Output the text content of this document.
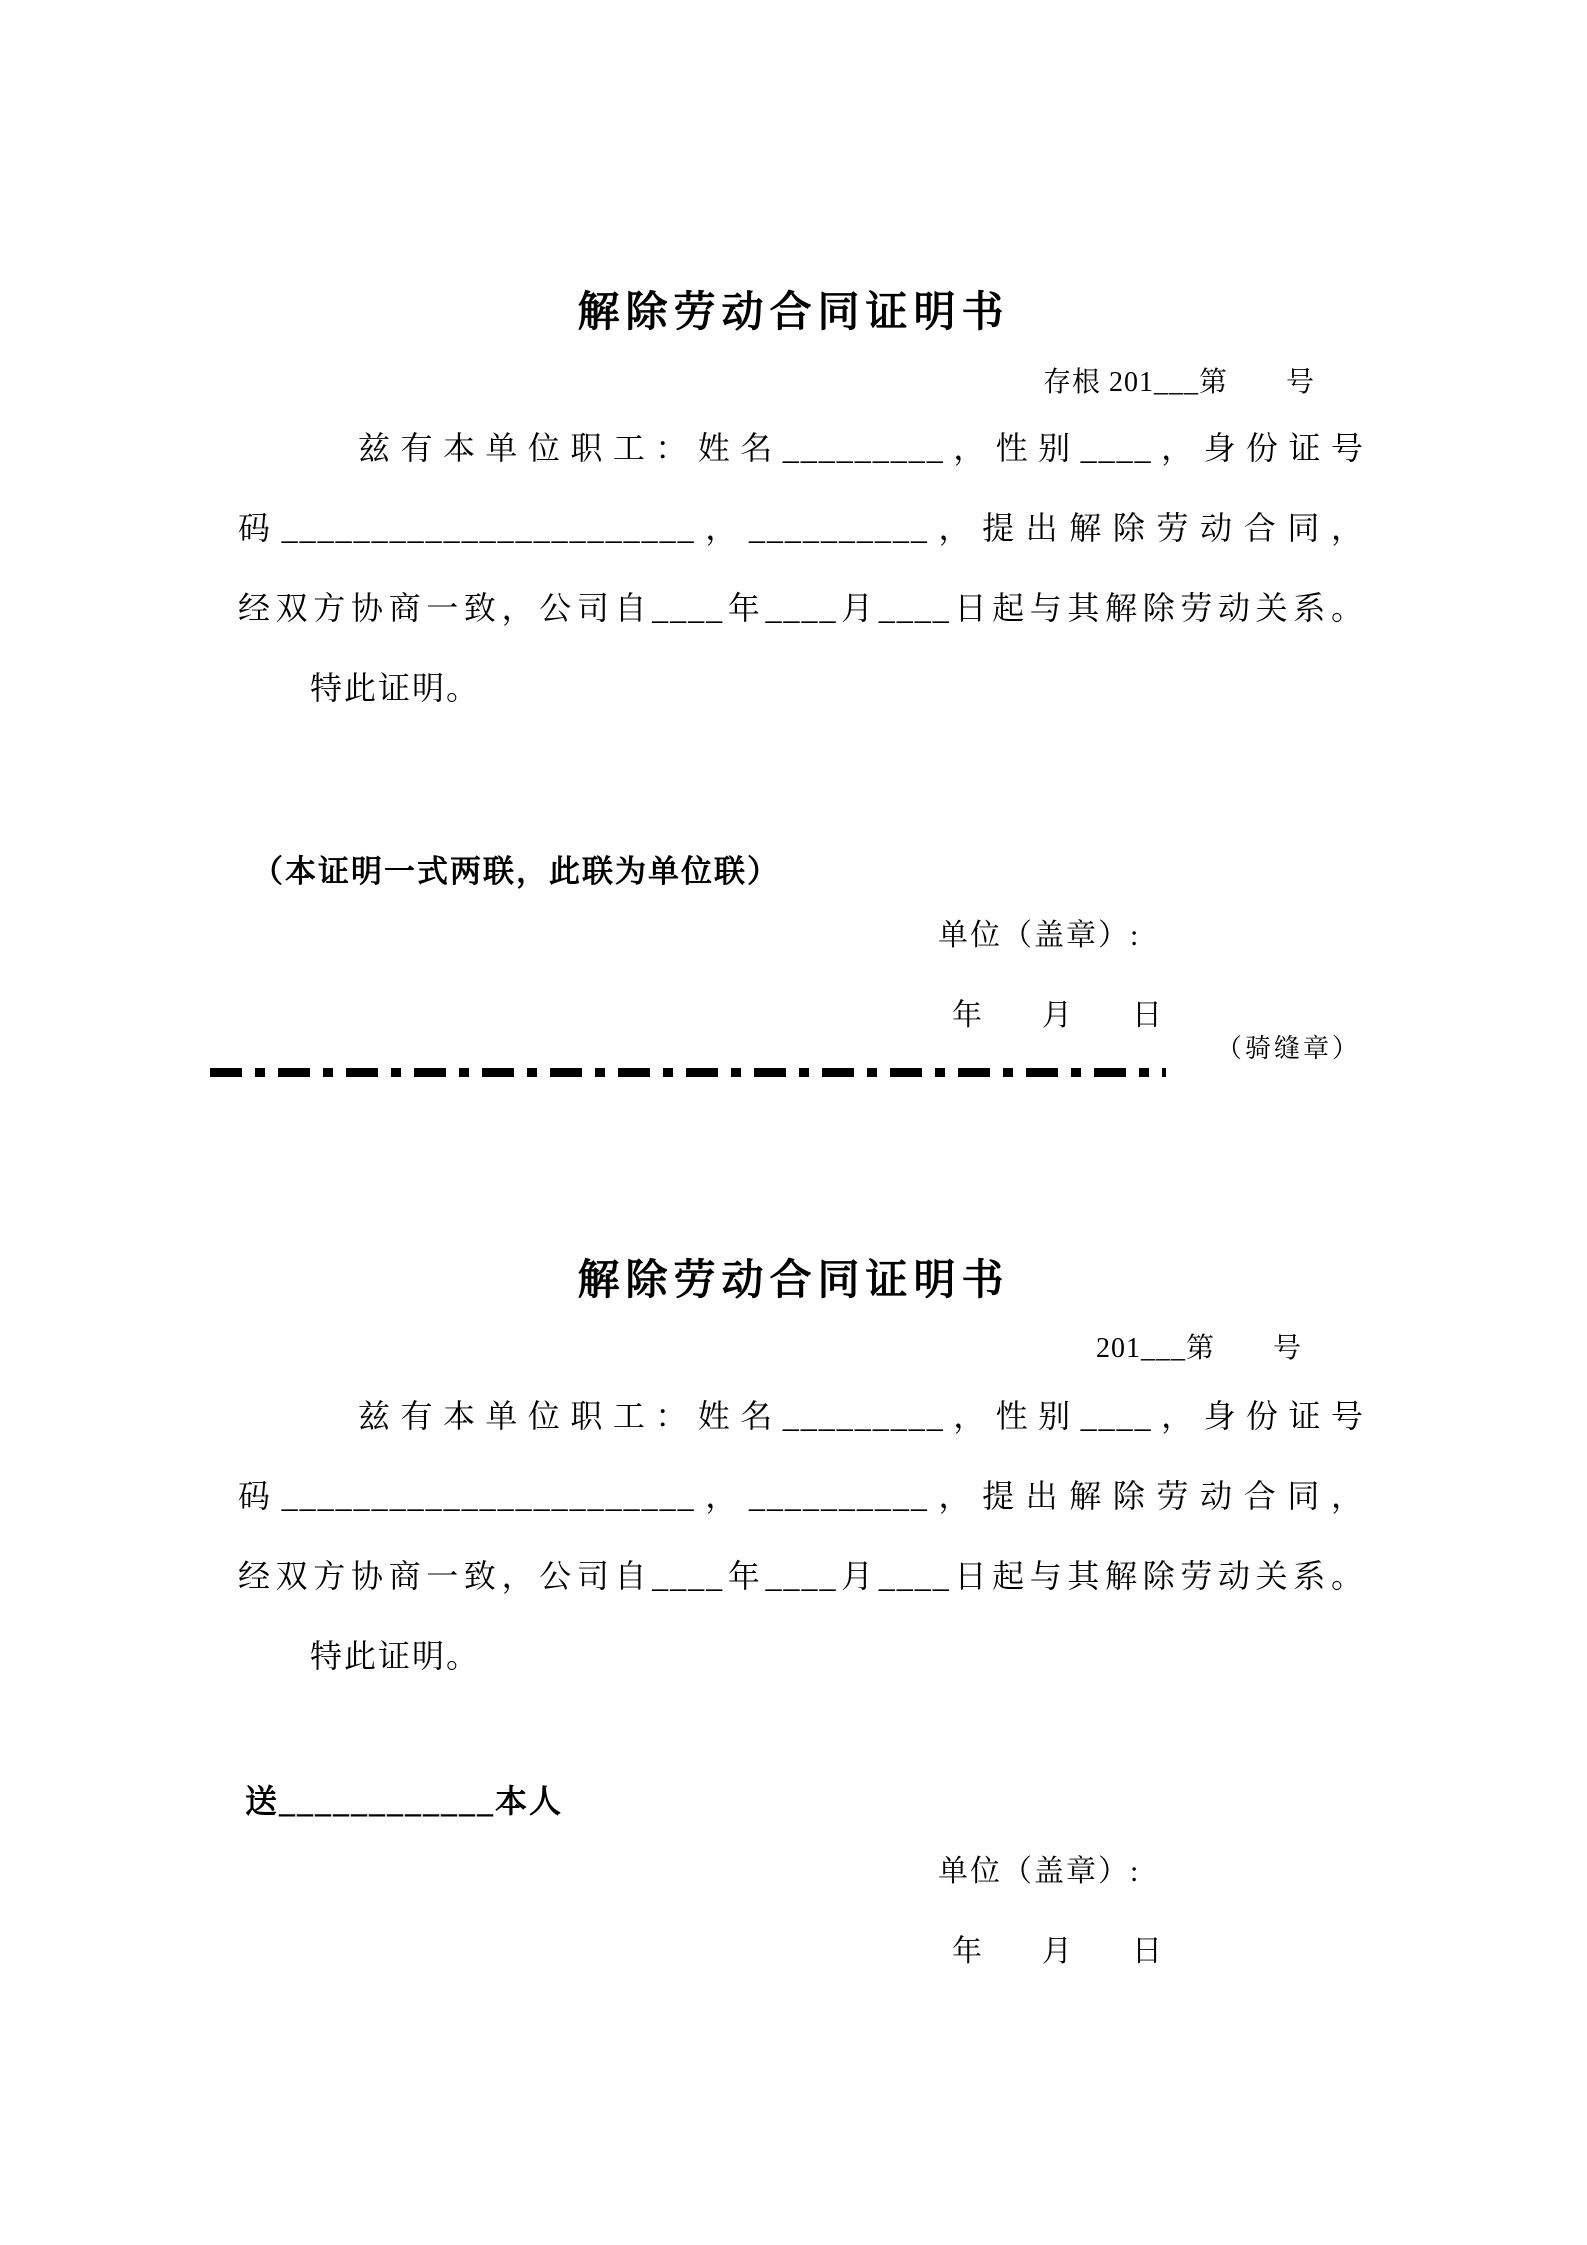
解除劳动合同证明书
存根 201___第　　号

兹有本单位职工：姓名_________，性别____，身份证号

码_______________________，__________，提出解除劳动合同，

经双方协商一致，公司自____年____月____日起与其解除劳动关系。

特此证明。

（本证明一式两联，此联为单位联）
单位（盖章）:
年　　月　　日
（骑缝章）
解除劳动合同证明书
201___第　　号

兹有本单位职工：姓名_________，性别____，身份证号

码_______________________，__________，提出解除劳动合同，

经双方协商一致，公司自____年____月____日起与其解除劳动关系。

特此证明。

送____________本人
单位（盖章）:
年　　月　　日
